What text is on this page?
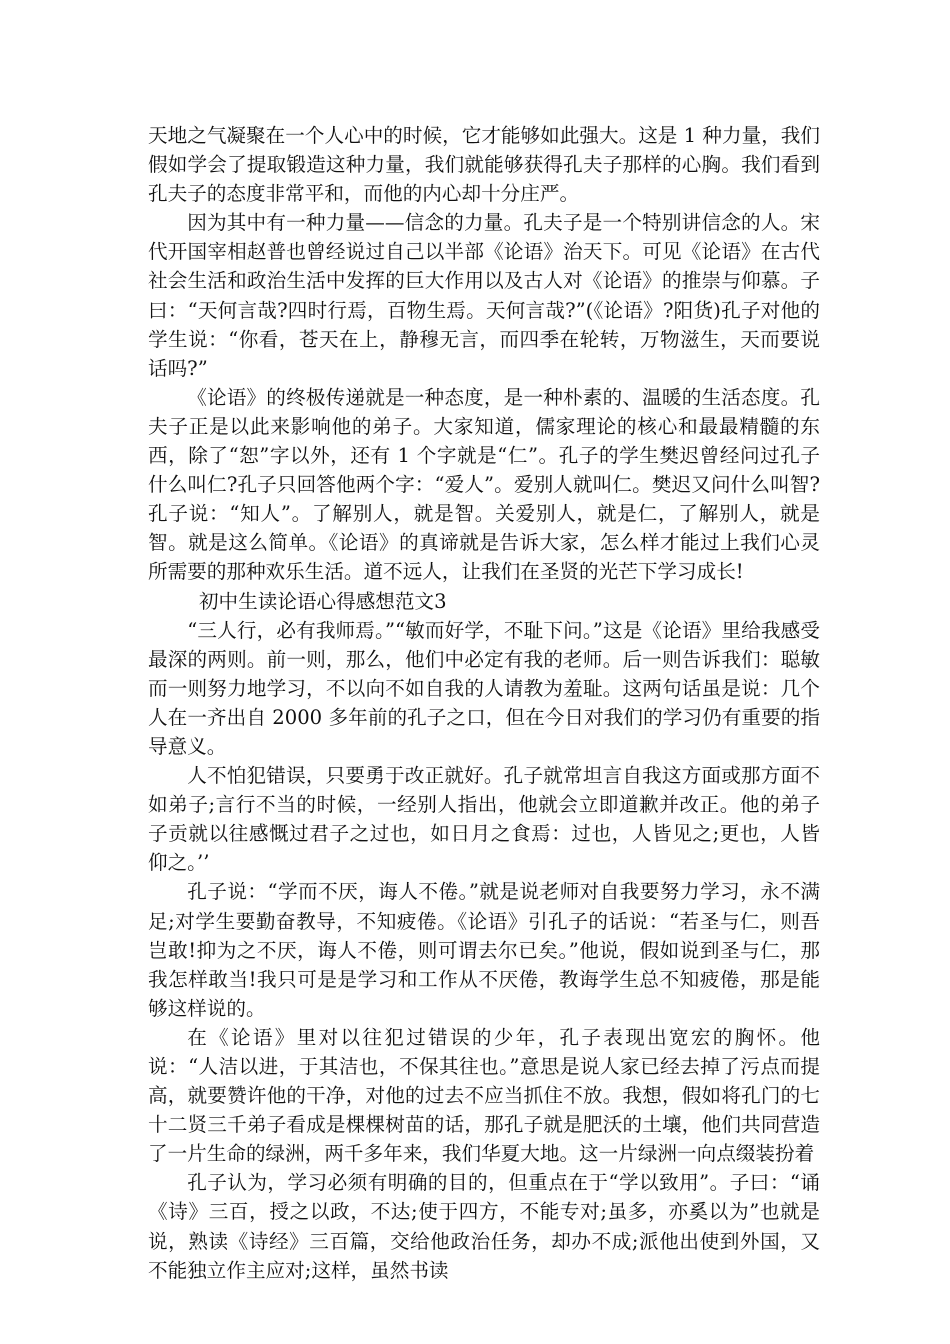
天地之气凝聚在一个人心中的时候，它才能够如此强大。这是 1 种力量，我们假如学会了提取锻造这种力量，我们就能够获得孔夫子那样的心胸。我们看到孔夫子的态度非常平和，而他的内心却十分庄严。

因为其中有一种力量——信念的力量。孔夫子是一个特别讲信念的人。宋代开国宰相赵普也曾经说过自己以半部《论语》治天下。可见《论语》在古代社会生活和政治生活中发挥的巨大作用以及古人对《论语》的推崇与仰慕。子曰：“天何言哉?四时行焉，百物生焉。天何言哉?”(《论语》?阳货)孔子对他的学生说：“你看，苍天在上，静穆无言，而四季在轮转，万物滋生，天而要说话吗?”

《论语》的终极传递就是一种态度，是一种朴素的、温暖的生活态度。孔夫子正是以此来影响他的弟子。大家知道，儒家理论的核心和最最精髓的东西，除了“恕”字以外，还有 1 个字就是“仁”。孔子的学生樊迟曾经问过孔子什么叫仁?孔子只回答他两个字：“爱人”。爱别人就叫仁。樊迟又问什么叫智?孔子说：“知人”。了解别人，就是智。关爱别人，就是仁，了解别人，就是智。就是这么简单。《论语》的真谛就是告诉大家，怎么样才能过上我们心灵所需要的那种欢乐生活。道不远人，让我们在圣贤的光芒下学习成长!

初中生读论语心得感想范文3

“三人行，必有我师焉。”“敏而好学，不耻下问。”这是《论语》里给我感受最深的两则。前一则，那么，他们中必定有我的老师。后一则告诉我们：聪敏而一则努力地学习，不以向不如自我的人请教为羞耻。这两句话虽是说：几个人在一齐出自 2000 多年前的孔子之口，但在今日对我们的学习仍有重要的指导意义。

人不怕犯错误，只要勇于改正就好。孔子就常坦言自我这方面或那方面不如弟子;言行不当的时候，一经别人指出，他就会立即道歉并改正。他的弟子子贡就以往感慨过君子之过也，如日月之食焉：过也，人皆见之;更也，人皆仰之。’’

孔子说：“学而不厌，诲人不倦。”就是说老师对自我要努力学习，永不满足;对学生要勤奋教导，不知疲倦。《论语》引孔子的话说：“若圣与仁，则吾岂敢!抑为之不厌，诲人不倦，则可谓去尔已矣。”他说，假如说到圣与仁，那我怎样敢当!我只可是是学习和工作从不厌倦，教诲学生总不知疲倦，那是能够这样说的。

在《论语》里对以往犯过错误的少年，孔子表现出宽宏的胸怀。他说：“人洁以进，于其洁也，不保其往也。”意思是说人家已经去掉了污点而提高，就要赞许他的干净，对他的过去不应当抓住不放。我想，假如将孔门的七十二贤三千弟子看成是棵棵树苗的话，那孔子就是肥沃的土壤，他们共同营造了一片生命的绿洲，两千多年来，我们华夏大地。这一片绿洲一向点缀装扮着

孔子认为，学习必须有明确的目的，但重点在于“学以致用”。子曰：“诵《诗》三百，授之以政，不达;使于四方，不能专对;虽多，亦奚以为”也就是说，熟读《诗经》三百篇，交给他政治任务，却办不成;派他出使到外国，又不能独立作主应对;这样，虽然书读
